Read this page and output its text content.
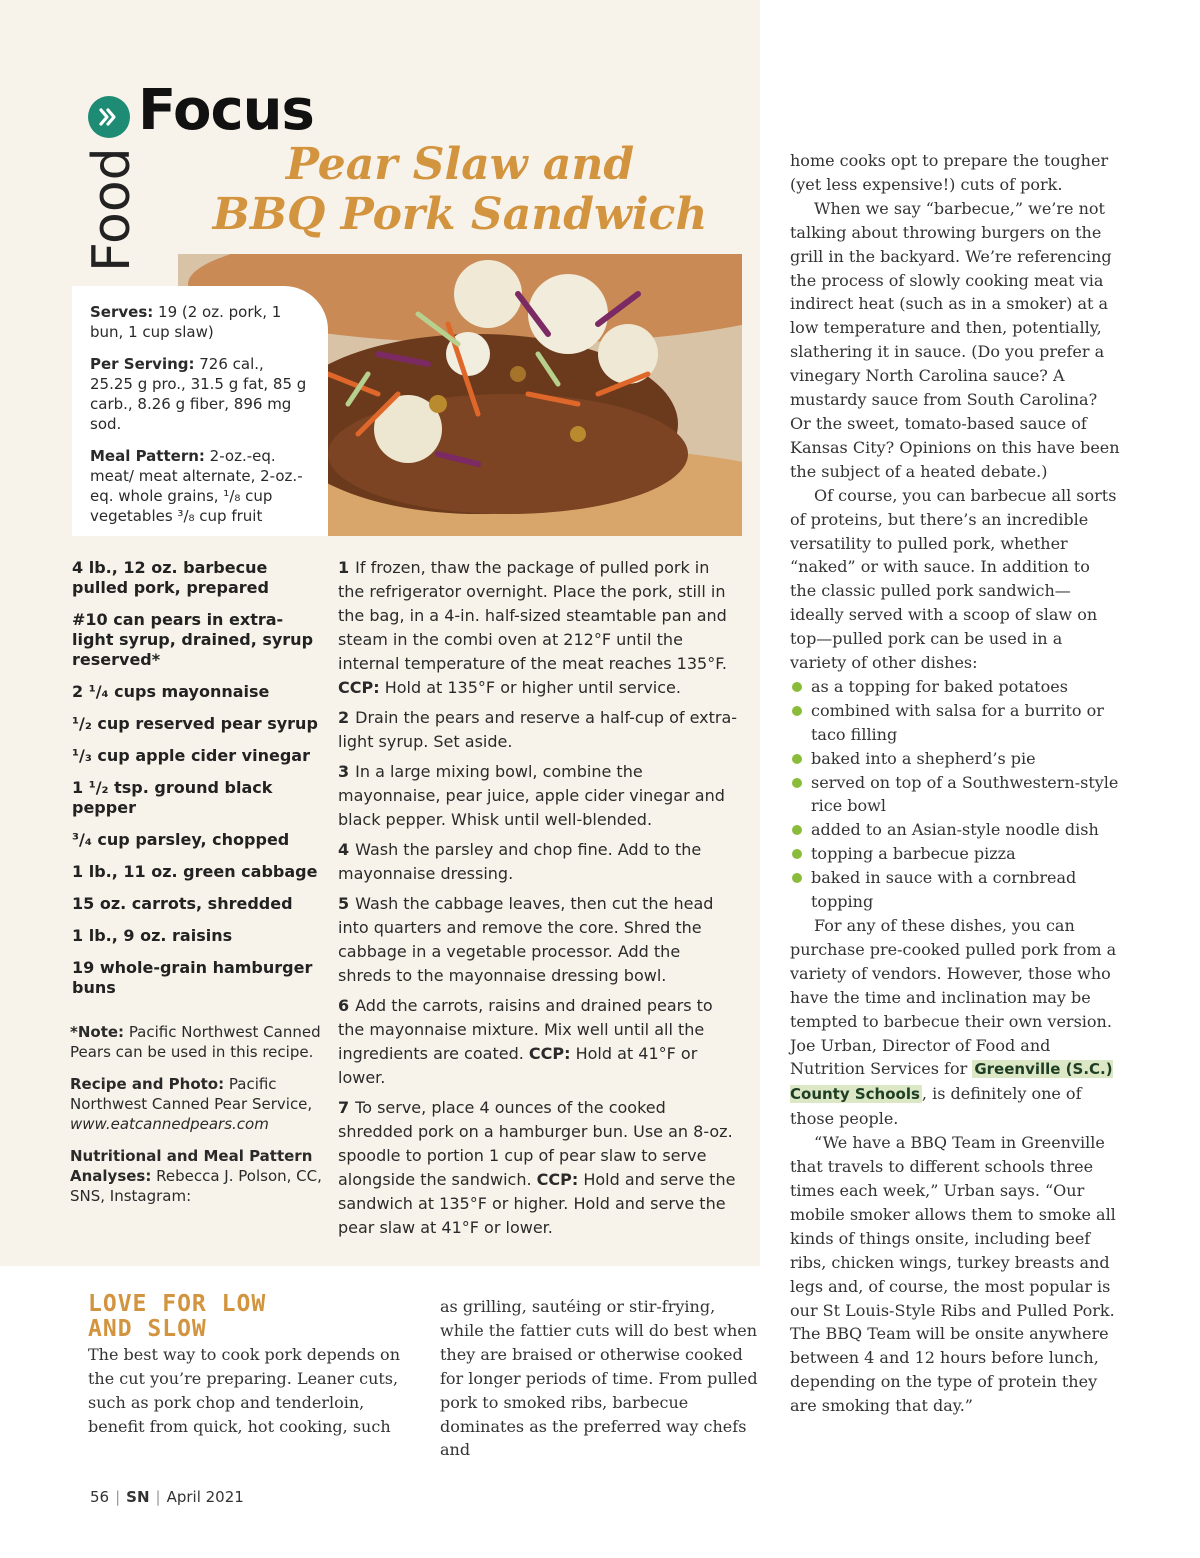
Focus
Food	Pear Slaw and
BBQ Pork Sandwich

Serves: 19 (2 oz. pork, 1 bun, 1 cup slaw)

Per Serving: 726 cal., 25.25 g pro., 31.5 g fat, 85 g carb., 8.26 g fiber, 896 mg sod.

Meal Pattern: 2-oz.-eq. meat/ meat alternate, 2-oz.-eq. whole grains, ¹/₈ cup vegetables ³/₈ cup fruit

4 lb., 12 oz. barbecue pulled pork, prepared
#10 can pears in extra-light syrup, drained, syrup reserved*
2 ¹/₄ cups mayonnaise
¹/₂ cup reserved pear syrup
¹/₃ cup apple cider vinegar
1 ¹/₂ tsp. ground black pepper
³/₄ cup parsley, chopped
1 lb., 11 oz. green cabbage
15 oz. carrots, shredded
1 lb., 9 oz. raisins
19 whole-grain hamburger buns

*Note: Pacific Northwest Canned Pears can be used in this recipe.

Recipe and Photo: Pacific Northwest Canned Pear Service,
www.eatcannedpears.com

Nutritional and Meal Pattern Analyses: Rebecca J. Polson, CC, SNS, Instagram:

1 If frozen, thaw the package of pulled pork in the refrigerator overnight. Place the pork, still in the bag, in a 4-in. half-sized steamtable pan and steam in the combi oven at 212°F until the internal temperature of the meat reaches 135°F. CCP: Hold at 135°F or higher until service.
2 Drain the pears and reserve a half-cup of extra-light syrup. Set aside.
3 In a large mixing bowl, combine the mayonnaise, pear juice, apple cider vinegar and black pepper. Whisk until well-blended.
4 Wash the parsley and chop fine. Add to the mayonnaise dressing.
5 Wash the cabbage leaves, then cut the head into quarters and remove the core. Shred the cabbage in a vegetable processor. Add the shreds to the mayonnaise dressing bowl.
6 Add the carrots, raisins and drained pears to the mayonnaise mixture. Mix well until all the ingredients are coated. CCP: Hold at 41°F or lower.
7 To serve, place 4 ounces of the cooked shredded pork on a hamburger bun. Use an 8-oz. spoodle to portion 1 cup of pear slaw to serve alongside the sandwich. CCP: Hold and serve the sandwich at 135°F or higher. Hold and serve the pear slaw at 41°F or lower.
LOVE FOR LOW
AND SLOW
The best way to cook pork depends on the cut you’re preparing. Leaner cuts, such as pork chop and tenderloin, benefit from quick, hot cooking, such
as grilling, sautéing or stir-frying, while the fattier cuts will do best when they are braised or otherwise cooked for longer periods of time. From pulled pork to smoked ribs, barbecue dominates as the preferred way chefs and

home cooks opt to prepare the tougher (yet less expensive!) cuts of pork.

When we say “barbecue,” we’re not talking about throwing burgers on the grill in the backyard. We’re referencing the process of slowly cooking meat via indirect heat (such as in a smoker) at a low temperature and then, potentially, slathering it in sauce. (Do you prefer a vinegary North Carolina sauce? A mustardy sauce from South Carolina? Or the sweet, tomato-based sauce of Kansas City? Opinions on this have been the subject of a heated debate.)

Of course, you can barbecue all sorts of proteins, but there’s an incredible versatility to pulled pork, whether “naked” or with sauce. In addition to the classic pulled pork sandwich—ideally served with a scoop of slaw on top—pulled pork can be used in a variety of other dishes:

as a topping for baked potatoes
combined with salsa for a burrito or taco filling
baked into a shepherd’s pie
served on top of a Southwestern-style rice bowl
added to an Asian-style noodle dish
topping a barbecue pizza
baked in sauce with a cornbread topping

For any of these dishes, you can purchase pre-cooked pulled pork from a variety of vendors. However, those who have the time and inclination may be tempted to barbecue their own version. Joe Urban, Director of Food and Nutrition Services for Greenville (S.C.) County Schools , is definitely one of those people.

“We have a BBQ Team in Greenville that travels to different schools three times each week,” Urban says. “Our mobile smoker allows them to smoke all kinds of things onsite, including beef ribs, chicken wings, turkey breasts and legs and, of course, the most popular is our St Louis-Style Ribs and Pulled Pork. The BBQ Team will be onsite anywhere between 4 and 12 hours before lunch, depending on the type of protein they are smoking that day.”

56 | SN | April 2021
